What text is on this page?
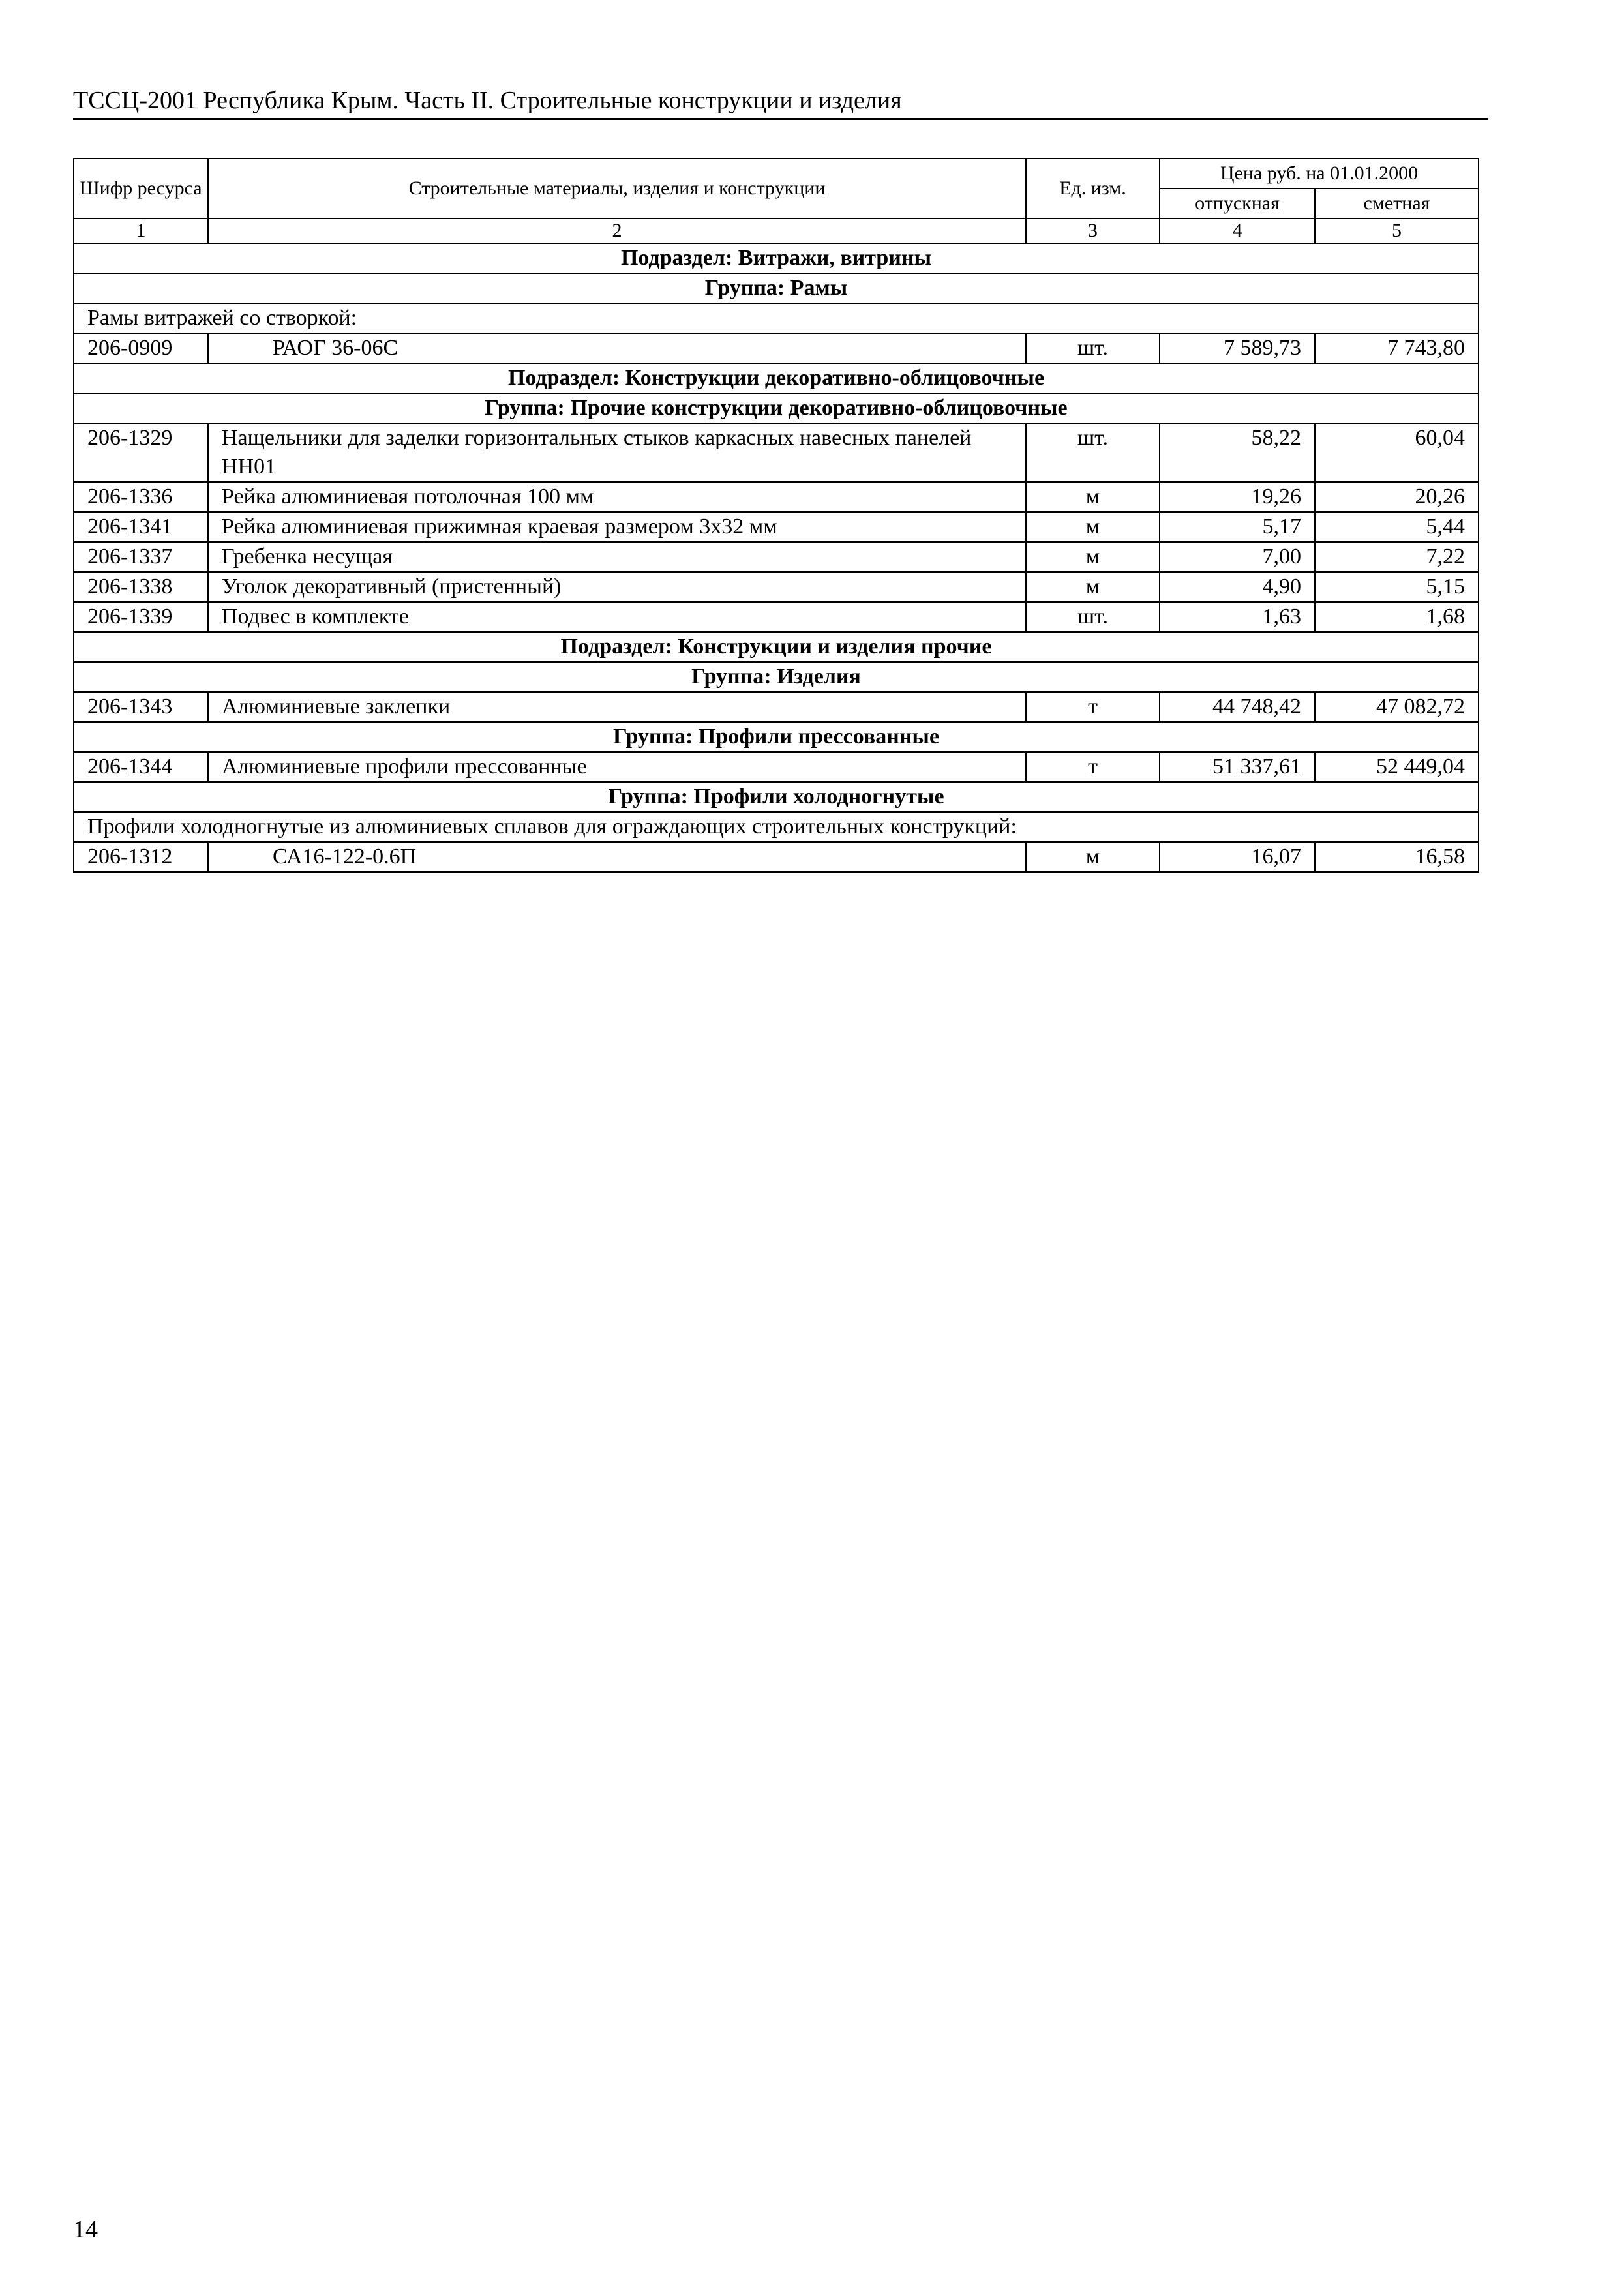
ТССЦ-2001 Республика Крым. Часть II. Строительные конструкции и изделия
Шифр ресурса	Строительные материалы, изделия и конструкции	Ед. изм.	Цена руб. на 01.01.2000	
			отпускная	сметная
1	2	3	4	5
Подраздел: Витражи, витрины				
Группа: Рамы				
Рамы витражей со створкой:				
206-0909	РАОГ 36-06С	шт.	7 589,73	7 743,80
Подраздел: Конструкции декоративно-облицовочные				
Группа: Прочие конструкции декоративно-облицовочные				
206-1329	Нащельники для заделки горизонтальных стыков каркасных навесных панелей НН01	шт.	58,22	60,04
206-1336	Рейка алюминиевая потолочная 100 мм	м	19,26	20,26
206-1341	Рейка алюминиевая прижимная краевая размером 3х32 мм	м	5,17	5,44
206-1337	Гребенка несущая	м	7,00	7,22
206-1338	Уголок декоративный (пристенный)	м	4,90	5,15
206-1339	Подвес в комплекте	шт.	1,63	1,68
Подраздел: Конструкции и изделия прочие				
Группа: Изделия				
206-1343	Алюминиевые заклепки	т	44 748,42	47 082,72
Группа: Профили прессованные				
206-1344	Алюминиевые профили прессованные	т	51 337,61	52 449,04
Группа: Профили холодногнутые				
Профили холодногнутые из алюминиевых сплавов для ограждающих строительных конструкций:				
206-1312	СА16-122-0.6П	м	16,07	16,58
14
